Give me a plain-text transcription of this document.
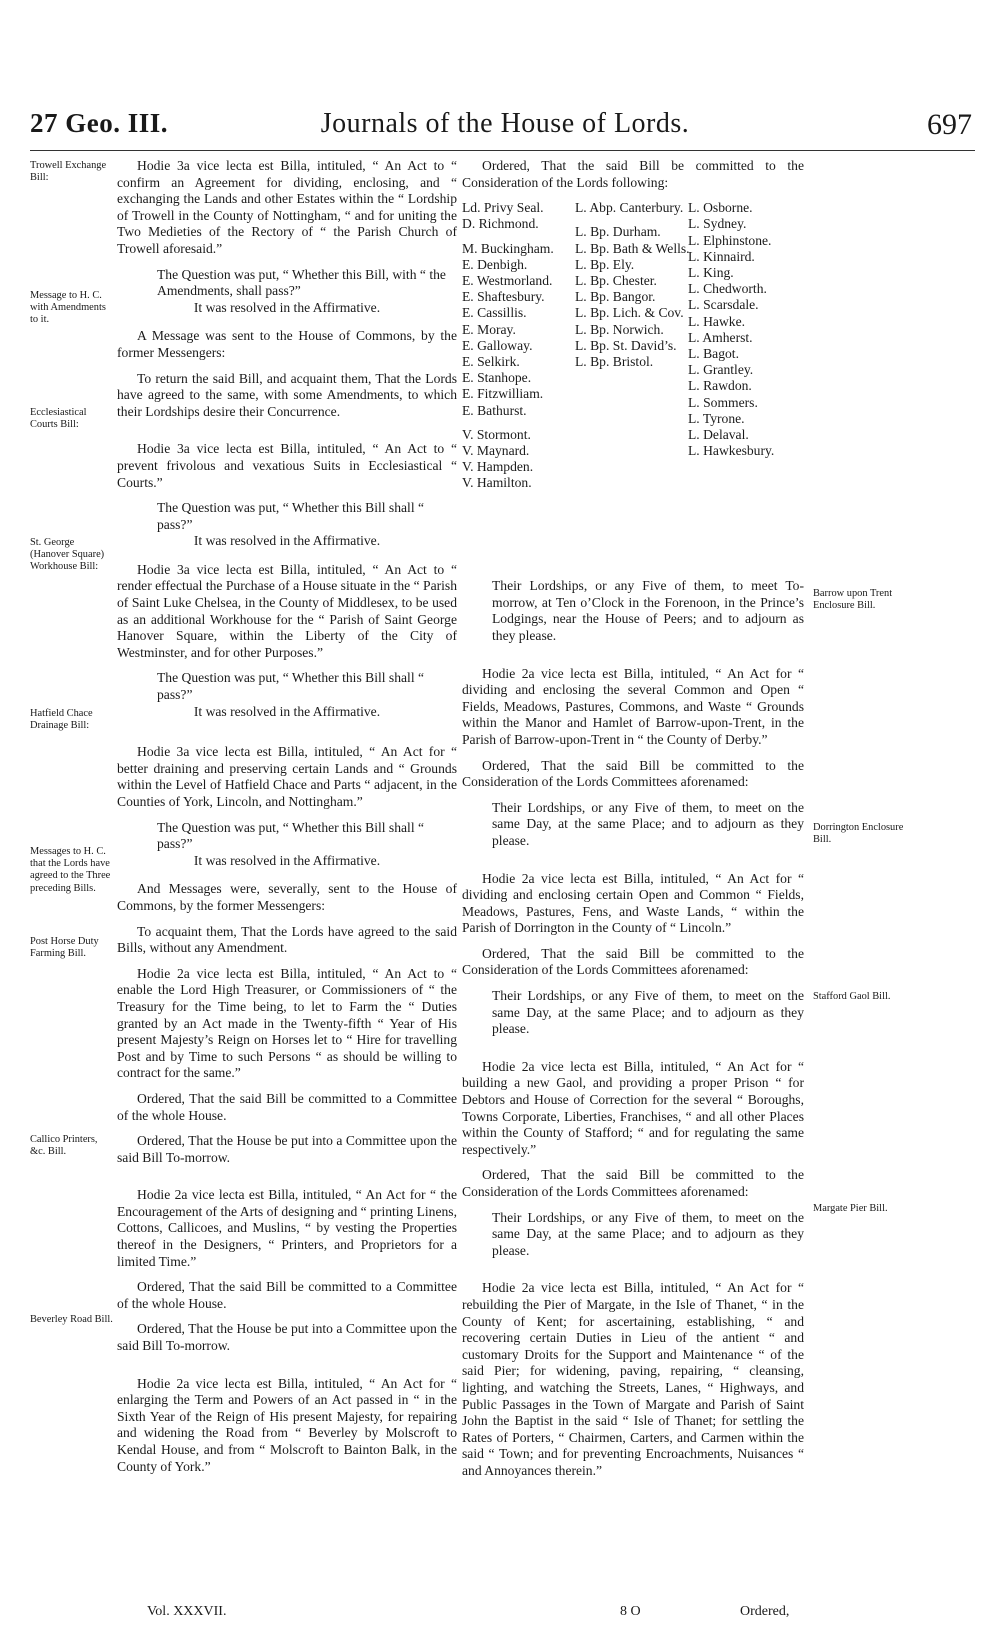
27 Geo. III.	Journals of the House of Lords.	697
Trowell Exchange Bill:
Message to H. C. with Amendments to it.
Ecclesiastical Courts Bill:
St. George (Hanover Square) Workhouse Bill:
Hatfield Chace Drainage Bill:
Messages to H. C. that the Lords have agreed to the Three preceding Bills.
Post Horse Duty Farming Bill.
Callico Printers, &c. Bill.
Beverley Road Bill.

Hodie 3a vice lecta est Billa, intituled, “ An Act to “ confirm an Agreement for dividing, enclosing, and “ exchanging the Lands and other Estates within the “ Lordship of Trowell in the County of Nottingham, “ and for uniting the Two Medieties of the Rectory of “ the Parish Church of Trowell aforesaid.”

The Question was put, “ Whether this Bill, with “ the Amendments, shall pass?”

It was resolved in the Affirmative.

A Message was sent to the House of Commons, by the former Messengers:

To return the said Bill, and acquaint them, That the Lords have agreed to the same, with some Amendments, to which their Lordships desire their Concurrence.

Hodie 3a vice lecta est Billa, intituled, “ An Act to “ prevent frivolous and vexatious Suits in Ecclesiastical “ Courts.”

The Question was put, “ Whether this Bill shall “ pass?”

It was resolved in the Affirmative.

Hodie 3a vice lecta est Billa, intituled, “ An Act to “ render effectual the Purchase of a House situate in the “ Parish of Saint Luke Chelsea, in the County of Middlesex, to be used as an additional Workhouse for the “ Parish of Saint George Hanover Square, within the Liberty of the City of Westminster, and for other Purposes.”

The Question was put, “ Whether this Bill shall “ pass?”

It was resolved in the Affirmative.

Hodie 3a vice lecta est Billa, intituled, “ An Act for “ better draining and preserving certain Lands and “ Grounds within the Level of Hatfield Chace and Parts “ adjacent, in the Counties of York, Lincoln, and Nottingham.”

The Question was put, “ Whether this Bill shall “ pass?”

It was resolved in the Affirmative.

And Messages were, severally, sent to the House of Commons, by the former Messengers:

To acquaint them, That the Lords have agreed to the said Bills, without any Amendment.

Hodie 2a vice lecta est Billa, intituled, “ An Act to “ enable the Lord High Treasurer, or Commissioners of “ the Treasury for the Time being, to let to Farm the “ Duties granted by an Act made in the Twenty-fifth “ Year of His present Majesty’s Reign on Horses let to “ Hire for travelling Post and by Time to such Persons “ as should be willing to contract for the same.”

Ordered, That the said Bill be committed to a Committee of the whole House.

Ordered, That the House be put into a Committee upon the said Bill To-morrow.

Hodie 2a vice lecta est Billa, intituled, “ An Act for “ the Encouragement of the Arts of designing and “ printing Linens, Cottons, Callicoes, and Muslins, “ by vesting the Properties thereof in the Designers, “ Printers, and Proprietors for a limited Time.”

Ordered, That the said Bill be committed to a Committee of the whole House.

Ordered, That the House be put into a Committee upon the said Bill To-morrow.

Hodie 2a vice lecta est Billa, intituled, “ An Act for “ enlarging the Term and Powers of an Act passed in “ in the Sixth Year of the Reign of His present Majesty, for repairing and widening the Road from “ Beverley by Molscroft to Kendal House, and from “ Molscroft to Bainton Balk, in the County of York.”

Barrow upon Trent Enclosure Bill.
Dorrington Enclosure Bill.
Stafford Gaol Bill.
Margate Pier Bill.

Ordered, That the said Bill be committed to the Consideration of the Lords following:

Ld. Privy Seal.
D. Richmond.
M. Buckingham.
E. Denbigh.
E. Westmorland.
E. Shaftesbury.
E. Cassillis.
E. Moray.
E. Galloway.
E. Selkirk.
E. Stanhope.
E. Fitzwilliam.
E. Bathurst.
V. Stormont.
V. Maynard.
V. Hampden.
V. Hamilton.
L. Abp. Canterbury.
L. Bp. Durham.
L. Bp. Bath & Wells.
L. Bp. Ely.
L. Bp. Chester.
L. Bp. Bangor.
L. Bp. Lich. & Cov.
L. Bp. Norwich.
L. Bp. St. David’s.
L. Bp. Bristol.
L. Osborne.
L. Sydney.
L. Elphinstone.
L. Kinnaird.
L. King.
L. Chedworth.
L. Scarsdale.
L. Hawke.
L. Amherst.
L. Bagot.
L. Grantley.
L. Rawdon.
L. Sommers.
L. Tyrone.
L. Delaval.
L. Hawkesbury.

Their Lordships, or any Five of them, to meet To-morrow, at Ten o’Clock in the Forenoon, in the Prince’s Lodgings, near the House of Peers; and to adjourn as they please.

Hodie 2a vice lecta est Billa, intituled, “ An Act for “ dividing and enclosing the several Common and Open “ Fields, Meadows, Pastures, Commons, and Waste “ Grounds within the Manor and Hamlet of Barrow-upon-Trent, in the Parish of Barrow-upon-Trent in “ the County of Derby.”

Ordered, That the said Bill be committed to the Consideration of the Lords Committees aforenamed:

Their Lordships, or any Five of them, to meet on the same Day, at the same Place; and to adjourn as they please.

Hodie 2a vice lecta est Billa, intituled, “ An Act for “ dividing and enclosing certain Open and Common “ Fields, Meadows, Pastures, Fens, and Waste Lands, “ within the Parish of Dorrington in the County of “ Lincoln.”

Ordered, That the said Bill be committed to the Consideration of the Lords Committees aforenamed:

Their Lordships, or any Five of them, to meet on the same Day, at the same Place; and to adjourn as they please.

Hodie 2a vice lecta est Billa, intituled, “ An Act for “ building a new Gaol, and providing a proper Prison “ for Debtors and House of Correction for the several “ Boroughs, Towns Corporate, Liberties, Franchises, “ and all other Places within the County of Stafford; “ and for regulating the same respectively.”

Ordered, That the said Bill be committed to the Consideration of the Lords Committees aforenamed:

Their Lordships, or any Five of them, to meet on the same Day, at the same Place; and to adjourn as they please.

Hodie 2a vice lecta est Billa, intituled, “ An Act for “ rebuilding the Pier of Margate, in the Isle of Thanet, “ in the County of Kent; for ascertaining, establishing, “ and recovering certain Duties in Lieu of the antient “ and customary Droits for the Support and Maintenance “ of the said Pier; for widening, paving, repairing, “ cleansing, lighting, and watching the Streets, Lanes, “ Highways, and Public Passages in the Town of Margate and Parish of Saint John the Baptist in the said “ Isle of Thanet; for settling the Rates of Porters, “ Chairmen, Carters, and Carmen within the said “ Town; and for preventing Encroachments, Nuisances “ and Annoyances therein.”

Vol. XXXVII.	8 O	Ordered,
